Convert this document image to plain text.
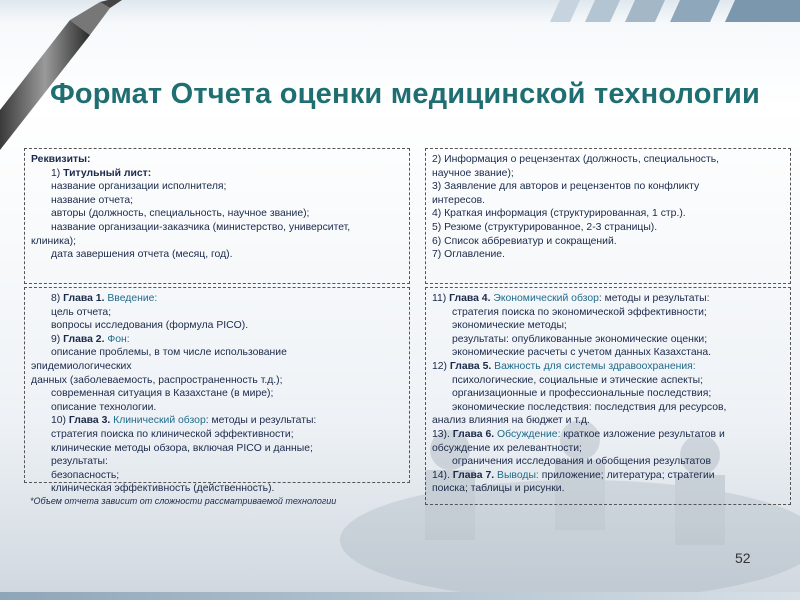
Формат Отчета оценки медицинской технологии

Реквизиты:

1) Титульный лист:

название организации исполнителя;

название отчета;

авторы (должность, специальность, научное звание);

название организации-заказчика (министерство, университет,

клиника);

дата завершения отчета (месяц, год).

2) Информация о рецензентах (должность, специальность,

научное звание);

3) Заявление для авторов и рецензентов по конфликту

интересов.

4) Краткая информация (структурированная, 1 стр.).

5) Резюме (структурированное, 2-3 страницы).

6) Список аббревиатур и сокращений.

7) Оглавление.

8) Глава 1. Введение:

цель отчета;

вопросы исследования (формула PICO).

9) Глава 2. Фон:

описание проблемы, в том числе использование

эпидемиологических

данных (заболеваемость, распространенность т.д.);

современная ситуация в Казахстане (в мире);

описание технологии.

10) Глава 3. Клинический обзор: методы и результаты:

стратегия поиска по клинической эффективности;

клинические методы обзора, включая PICO и данные;

результаты:

безопасность;

клиническая эффективность (действенность).

11) Глава 4. Экономический обзор: методы и результаты:

стратегия поиска по экономической эффективности;

экономические методы;

результаты: опубликованные экономические оценки;

экономические расчеты с учетом данных Казахстана.

12) Глава 5. Важность для системы здравоохранения:

психологические, социальные и этические аспекты;

организационные и профессиональные последствия;

экономические последствия: последствия для ресурсов,

анализ влияния на бюджет и т.д.

13). Глава 6. Обсуждение: краткое изложение результатов и

обсуждение их релевантности;

ограничения исследования и обобщения результатов

14). Глава 7. Выводы: приложение; литература; стратегии

поиска; таблицы и рисунки.

*Объем отчета зависит от сложности рассматриваемой технологии
52
